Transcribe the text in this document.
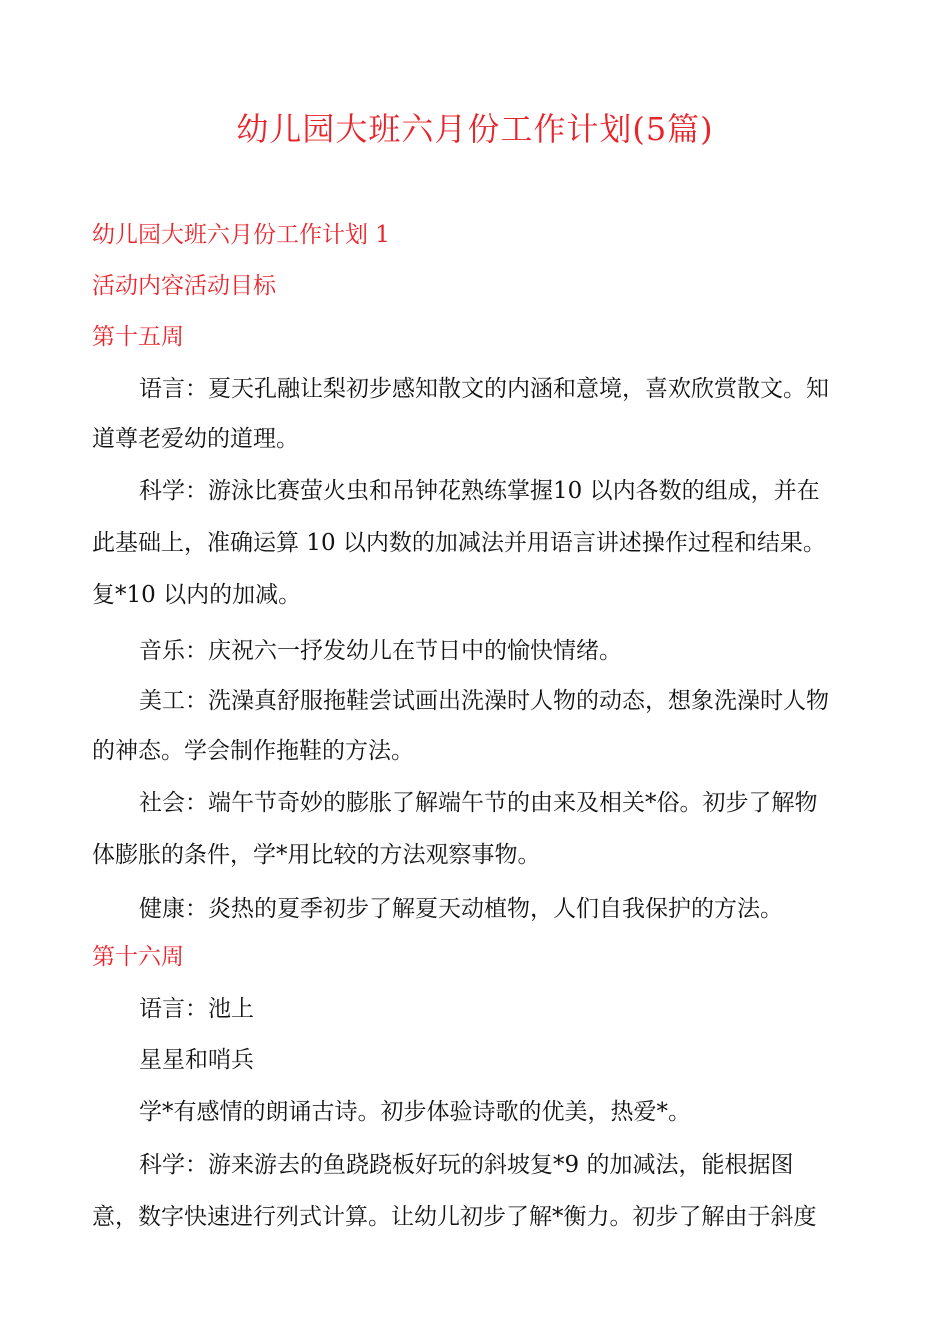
幼儿园大班六月份工作计划(5篇)
幼儿园大班六月份工作计划 1
活动内容活动目标
第十五周
语言：夏天孔融让梨初步感知散文的内涵和意境，喜欢欣赏散文。知
道尊老爱幼的道理。
科学：游泳比赛萤火虫和吊钟花熟练掌握10 以内各数的组成，并在
此基础上，准确运算 10 以内数的加减法并用语言讲述操作过程和结果。
复*10 以内的加减。
音乐：庆祝六一抒发幼儿在节日中的愉快情绪。
美工：洗澡真舒服拖鞋尝试画出洗澡时人物的动态，想象洗澡时人物
的神态。学会制作拖鞋的方法。
社会：端午节奇妙的膨胀了解端午节的由来及相关*俗。初步了解物
体膨胀的条件，学*用比较的方法观察事物。
健康：炎热的夏季初步了解夏天动植物，人们自我保护的方法。
第十六周
语言：池上
星星和哨兵
学*有感情的朗诵古诗。初步体验诗歌的优美，热爱*。
科学：游来游去的鱼跷跷板好玩的斜坡复*9 的加减法，能根据图
意，数字快速进行列式计算。让幼儿初步了解*衡力。初步了解由于斜度
